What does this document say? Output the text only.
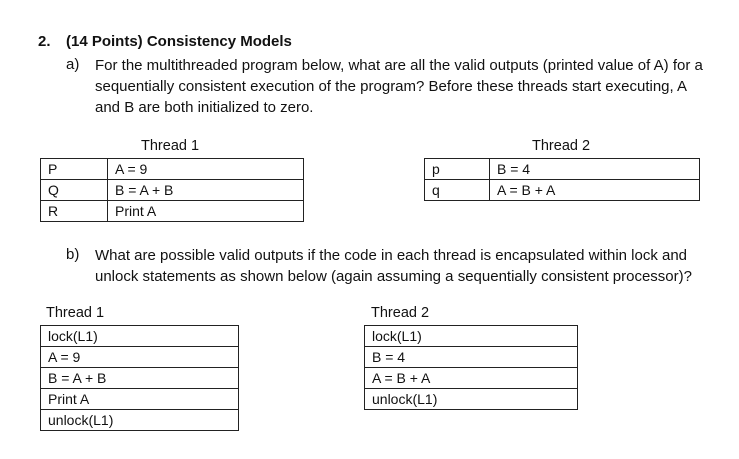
2. (14 Points) Consistency Models
a) For the multithreaded program below, what are all the valid outputs (printed value of A) for a sequentially consistent execution of the program? Before these threads start executing, A and B are both initialized to zero.
Thread 1
P	A = 9
Q	B = A + B
R	Print A
Thread 2
p	B = 4
q	A = B + A
b) What are possible valid outputs if the code in each thread is encapsulated within lock and unlock statements as shown below (again assuming a sequentially consistent processor)?
Thread 1
lock(L1)
A = 9
B = A + B
Print A
unlock(L1)
Thread 2
lock(L1)
B = 4
A = B + A
unlock(L1)
